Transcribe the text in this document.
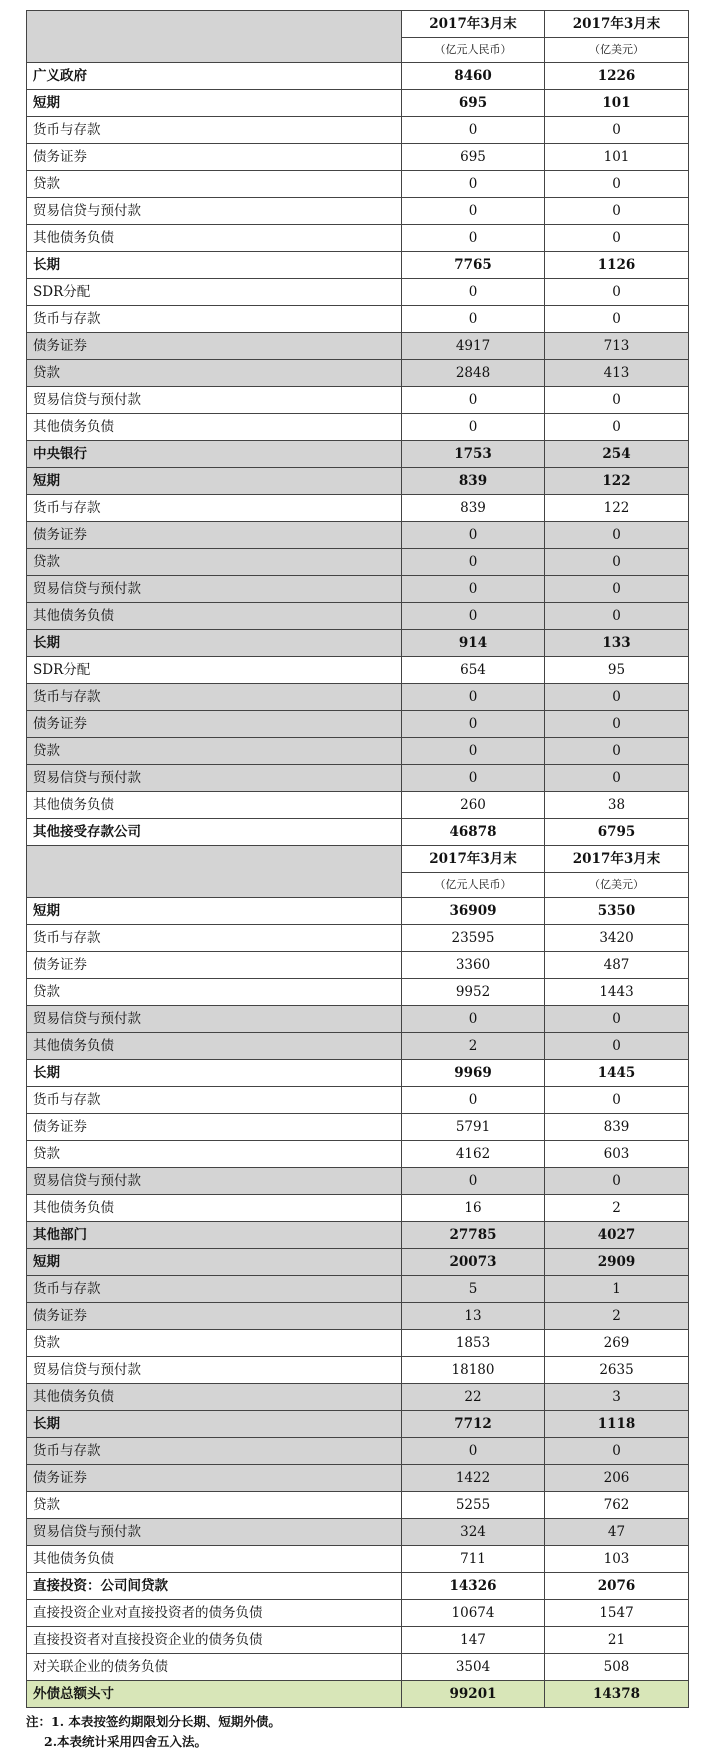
	2017年3月末	2017年3月末
	（亿元人民币）	（亿美元）
广义政府	8460	1226
短期	695	101
货币与存款	0	0
债务证券	695	101
贷款	0	0
贸易信贷与预付款	0	0
其他债务负债	0	0
长期	7765	1126
SDR分配	0	0
货币与存款	0	0
债务证券	4917	713
贷款	2848	413
贸易信贷与预付款	0	0
其他债务负债	0	0
中央银行	1753	254
短期	839	122
货币与存款	839	122
债务证券	0	0
贷款	0	0
贸易信贷与预付款	0	0
其他债务负债	0	0
长期	914	133
SDR分配	654	95
货币与存款	0	0
债务证券	0	0
贷款	0	0
贸易信贷与预付款	0	0
其他债务负债	260	38
其他接受存款公司	46878	6795
	2017年3月末	2017年3月末
	（亿元人民币）	（亿美元）
短期	36909	5350
货币与存款	23595	3420
债务证券	3360	487
贷款	9952	1443
贸易信贷与预付款	0	0
其他债务负债	2	0
长期	9969	1445
货币与存款	0	0
债务证券	5791	839
贷款	4162	603
贸易信贷与预付款	0	0
其他债务负债	16	2
其他部门	27785	4027
短期	20073	2909
货币与存款	5	1
债务证券	13	2
贷款	1853	269
贸易信贷与预付款	18180	2635
其他债务负债	22	3
长期	7712	1118
货币与存款	0	0
债务证券	1422	206
贷款	5255	762
贸易信贷与预付款	324	47
其他债务负债	711	103
直接投资：公司间贷款	14326	2076
直接投资企业对直接投资者的债务负债	10674	1547
直接投资者对直接投资企业的债务负债	147	21
对关联企业的债务负债	3504	508
外债总额头寸	99201	14378
注：1. 本表按签约期限划分长期、短期外债。
2.本表统计采用四舍五入法。
